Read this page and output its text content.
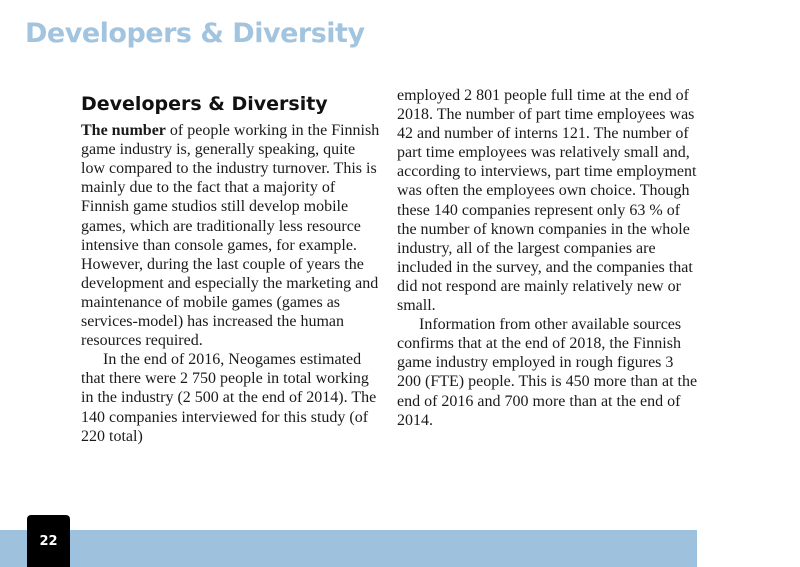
Developers & Diversity
Developers & Diversity

The number of people working in the Finnish game industry is, generally speaking, quite low compared to the industry turnover. This is mainly due to the fact that a majority of Finnish game studios still develop mobile games, which are traditionally less resource intensive than console games, for example. However, during the last couple of years the development and especially the marketing and maintenance of mobile games (games as services-model) has increased the human resources required.

In the end of 2016, Neogames estimated that there were 2 750 people in total working in the industry (2 500 at the end of 2014). The 140 companies interviewed for this study (of 220 total)

employed 2 801 people full time at the end of 2018. The number of part time employees was 42 and number of interns 121. The number of part time employees was relatively small and, according to interviews, part time employment was often the employees own choice. Though these 140 companies represent only 63 % of the number of known companies in the whole industry, all of the largest companies are included in the survey, and the companies that did not respond are mainly relatively new or small.

Information from other available sources confirms that at the end of 2018, the Finnish game industry employed in rough figures 3 200 (FTE) people. This is 450 more than at the end of 2016 and 700 more than at the end of 2014.

22
